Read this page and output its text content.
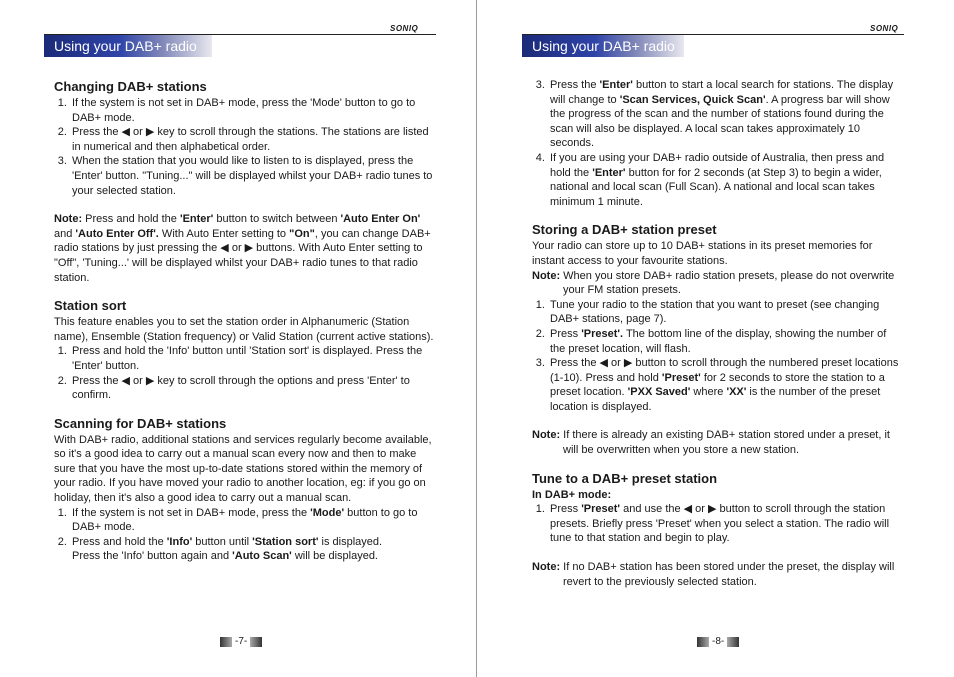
SONIQ
Using your DAB+ radio
Changing DAB+ stations
1. If the system is not set in DAB+ mode, press the 'Mode' button to go to DAB+ mode.
2. Press the ◀ or ▶ key to scroll through the stations. The stations are listed in numerical and then alphabetical order.
3. When the station that you would like to listen to is displayed, press the 'Enter' button. "Tuning..." will be displayed whilst your DAB+ radio tunes to your selected station.

Note: Press and hold the 'Enter' button to switch between 'Auto Enter On' and 'Auto Enter Off'. With Auto Enter setting to "On", you can change DAB+ radio stations by just pressing the ◀ or ▶ buttons. With Auto Enter setting to "Off", 'Tuning...' will be displayed whilst your DAB+ radio tunes to that radio station.

Station sort

This feature enables you to set the station order in Alphanumeric (Station name), Ensemble (Station frequency) or Valid Station (current active stations).

1. Press and hold the 'Info' button until 'Station sort' is displayed. Press the 'Enter' button.
2. Press the ◀ or ▶ key to scroll through the options and press 'Enter' to confirm.
Scanning for DAB+ stations

With DAB+ radio, additional stations and services regularly become available, so it's a good idea to carry out a manual scan every now and then to make sure that you have the most up-to-date stations stored within the memory of your radio. If you have moved your radio to another location, eg: if you go on holiday, then it's also a good idea to carry out a manual scan.

1. If the system is not set in DAB+ mode, press the 'Mode' button to go to DAB+ mode.
2. Press and hold the 'Info' button until 'Station sort' is displayed.
Press the 'Info' button again and 'Auto Scan' will be displayed.
-7-
SONIQ
Using your DAB+ radio
3. Press the 'Enter' button to start a local search for stations. The display will change to 'Scan Services, Quick Scan'. A progress bar will show the progress of the scan and the number of stations found during the scan will also be displayed. A local scan takes approximately 10 seconds.
4. If you are using your DAB+ radio outside of Australia, then press and hold the 'Enter' button for for 2 seconds (at Step 3) to begin a wider, national and local scan (Full Scan). A national and local scan takes minimum 1 minute.
Storing a DAB+ station preset

Your radio can store up to 10 DAB+ stations in its preset memories for instant access to your favourite stations.

Note: When you store DAB+ radio station presets, please do not overwrite your FM station presets.

1. Tune your radio to the station that you want to preset (see changing DAB+ stations, page 7).
2. Press 'Preset'. The bottom line of the display, showing the number of the preset location, will flash.
3. Press the ◀ or ▶ button to scroll through the numbered preset locations (1-10). Press and hold 'Preset' for 2 seconds to store the station to a preset location. 'PXX Saved' where 'XX' is the number of the preset location is displayed.

Note: If there is already an existing DAB+ station stored under a preset, it will be overwritten when you store a new station.

Tune to a DAB+ preset station

In DAB+ mode:

1. Press 'Preset' and use the ◀ or ▶ button to scroll through the station presets. Briefly press 'Preset' when you select a station. The radio will tune to that station and begin to play.

Note: If no DAB+ station has been stored under the preset, the display will revert to the previously selected station.

-8-
